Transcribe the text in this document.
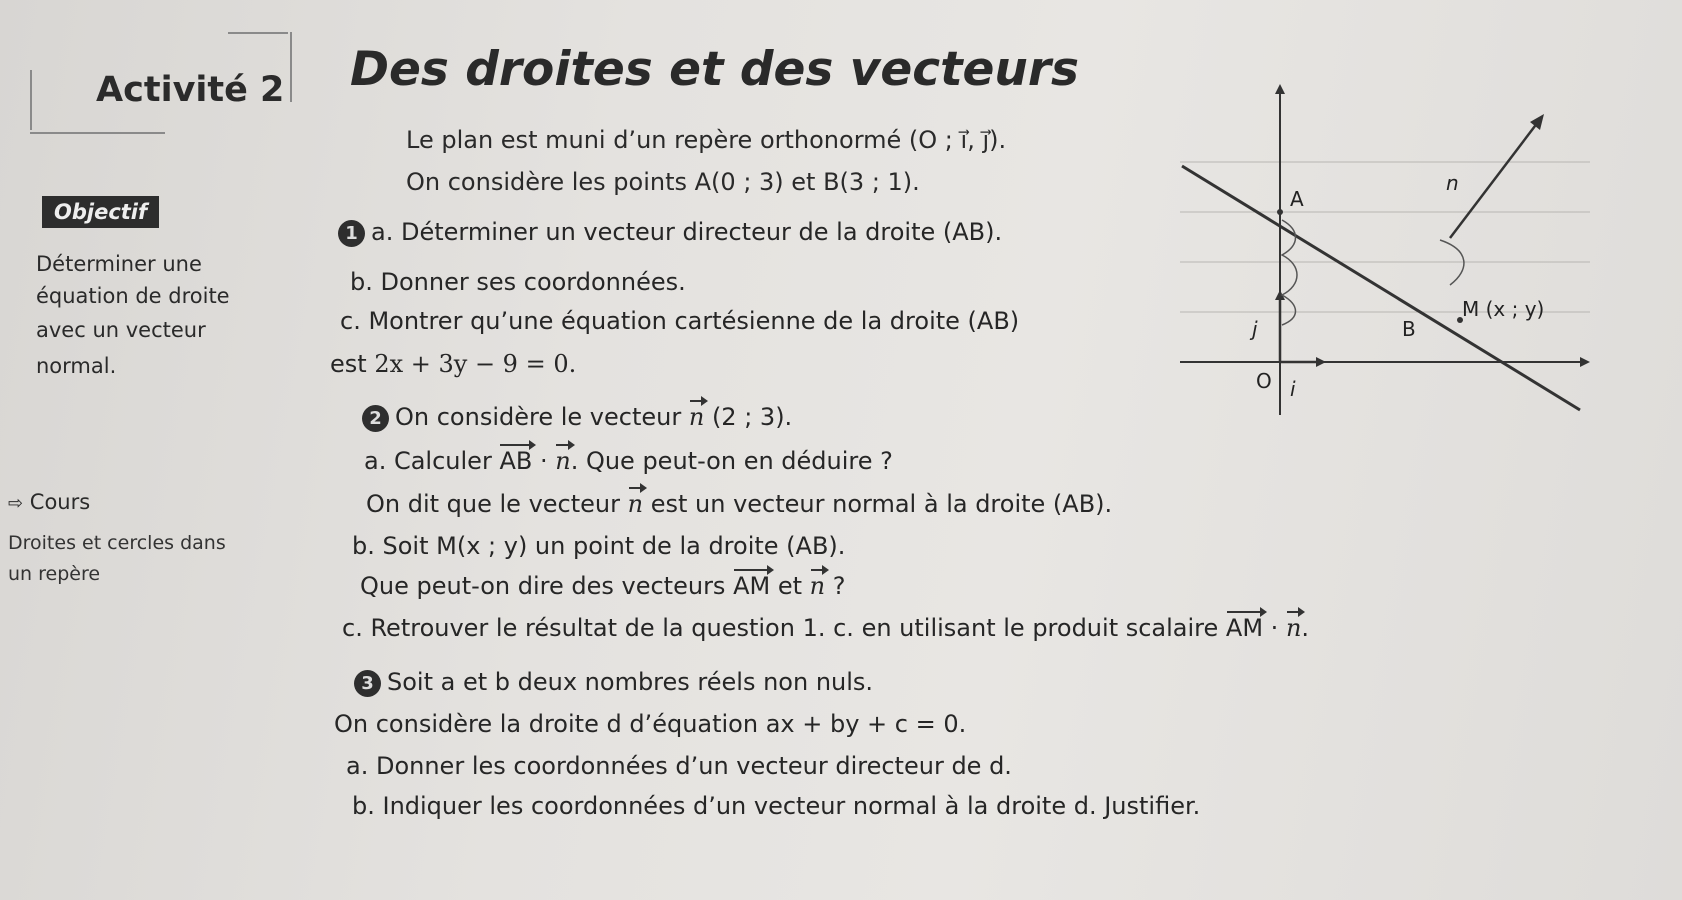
Activité 2 Des droites et des vecteurs
Le plan est muni d’un repère orthonormé (O ; i⃗, j⃗).
On considère les points A(0 ; 3) et B(3 ; 1).
Objectif
Déterminer une
équation de droite
avec un vecteur
normal.
⇨ Cours
Droites et cercles dans
un repère
1 a. Déterminer un vecteur directeur de la droite (AB).
b. Donner ses coordonnées.
c. Montrer qu’une équation cartésienne de la droite (AB)
est 2x + 3y − 9 = 0.
2 On considère le vecteur n (2 ; 3).
a. Calculer AB · n. Que peut-on en déduire ?
On dit que le vecteur n est un vecteur normal à la droite (AB).
b. Soit M(x ; y) un point de la droite (AB).
Que peut-on dire des vecteurs AM et n ?
c. Retrouver le résultat de la question 1. c. en utilisant le produit scalaire AM · n.
3 Soit a et b deux nombres réels non nuls.
On considère la droite d d’équation ax + by + c = 0.
a. Donner les coordonnées d’un vecteur directeur de d.
b. Indiquer les coordonnées d’un vecteur normal à la droite d. Justifier.
A
B
M (x ; y)
O i
j
n
